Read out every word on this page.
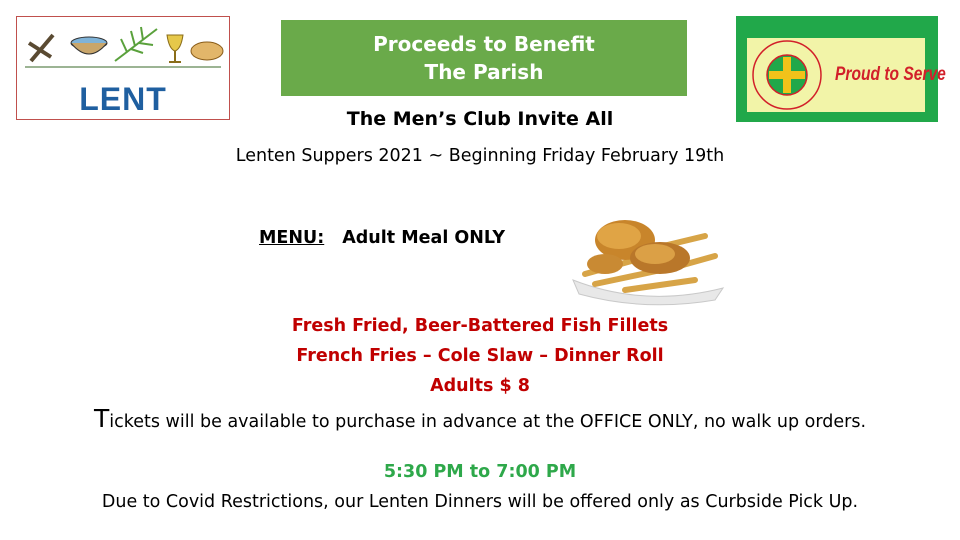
LENT
Proceeds to Benefit
The Parish	Proud to Serve
The Men’s Club Invite All
Lenten Suppers 2021 ~ Beginning Friday February 19th
MENU: Adult Meal ONLY
Fresh Fried, Beer-Battered Fish Fillets
French Fries – Cole Slaw – Dinner Roll
Adults $ 8
Tickets will be available to purchase in advance at the OFFICE ONLY, no walk up orders.
5:30 PM to 7:00 PM
Due to Covid Restrictions, our Lenten Dinners will be offered only as Curbside Pick Up.
